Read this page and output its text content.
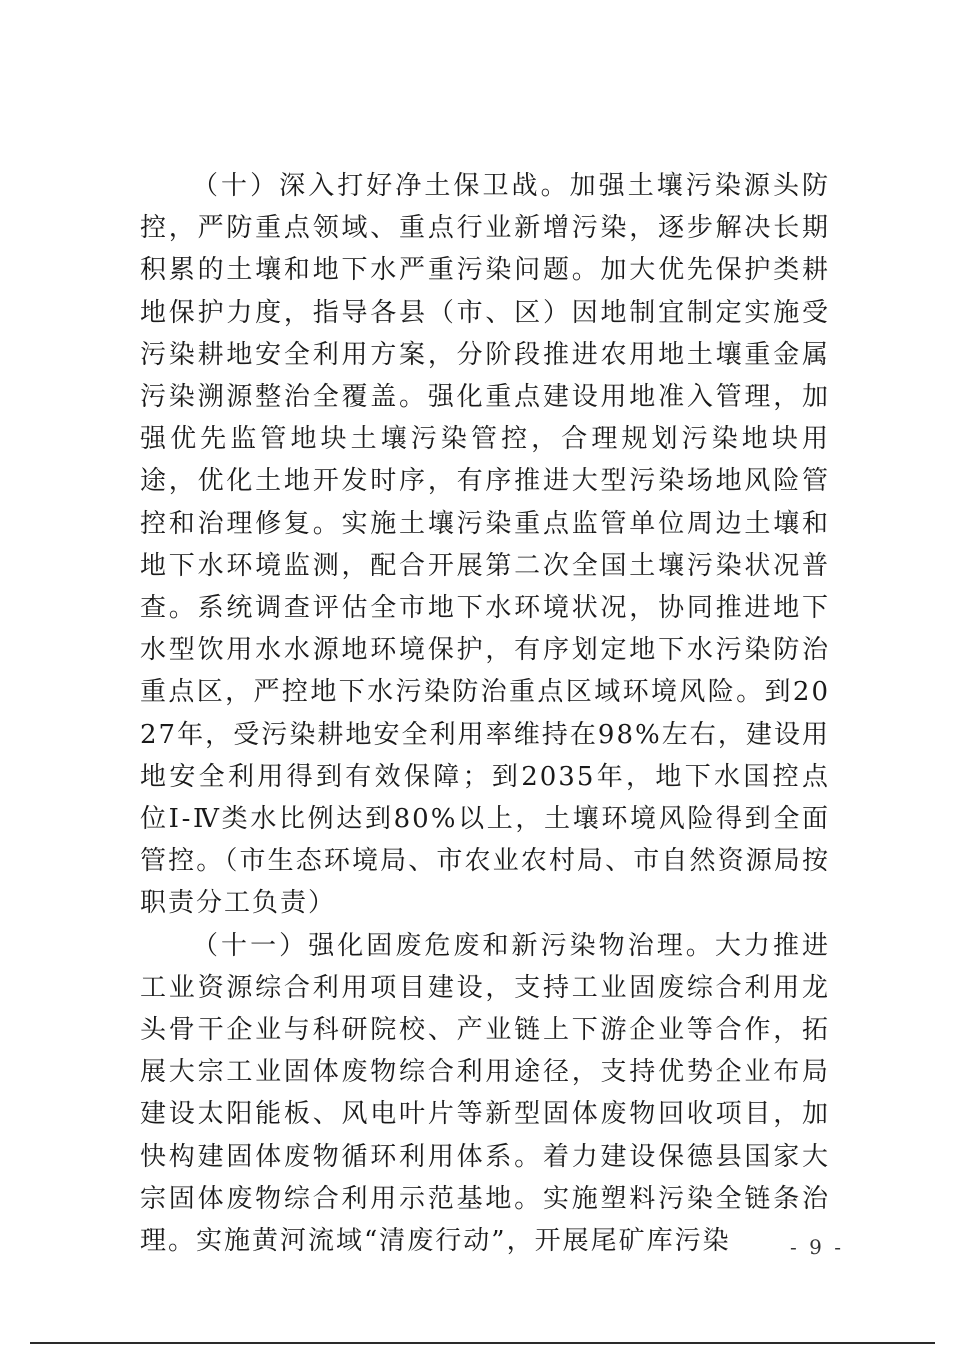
（十）深入打好净土保卫战。加强土壤污染源头防控，严防重点领域、重点行业新增污染，逐步解决长期积累的土壤和地下水严重污染问题。加大优先保护类耕地保护力度，指导各县（市、区）因地制宜制定实施受污染耕地安全利用方案，分阶段推进农用地土壤重金属污染溯源整治全覆盖。强化重点建设用地准入管理，加强优先监管地块土壤污染管控，合理规划污染地块用途，优化土地开发时序，有序推进大型污染场地风险管控和治理修复。实施土壤污染重点监管单位周边土壤和地下水环境监测，配合开展第二次全国土壤污染状况普查。系统调查评估全市地下水环境状况，协同推进地下水型饮用水水源地环境保护，有序划定地下水污染防治重点区，严控地下水污染防治重点区域环境风险。到2027年，受污染耕地安全利用率维持在98%左右，建设用地安全利用得到有效保障；到2035年，地下水国控点位Ⅰ-Ⅳ类水比例达到80%以上，土壤环境风险得到全面管控。（市生态环境局、市农业农村局、市自然资源局按职责分工负责）

（十一）强化固废危废和新污染物治理。大力推进工业资源综合利用项目建设，支持工业固废综合利用龙头骨干企业与科研院校、产业链上下游企业等合作，拓展大宗工业固体废物综合利用途径，支持优势企业布局建设太阳能板、风电叶片等新型固体废物回收项目，加快构建固体废物循环利用体系。着力建设保德县国家大宗固体废物综合利用示范基地。实施塑料污染全链条治理。实施黄河流域“清废行动”，开展尾矿库污染	- 9 -
